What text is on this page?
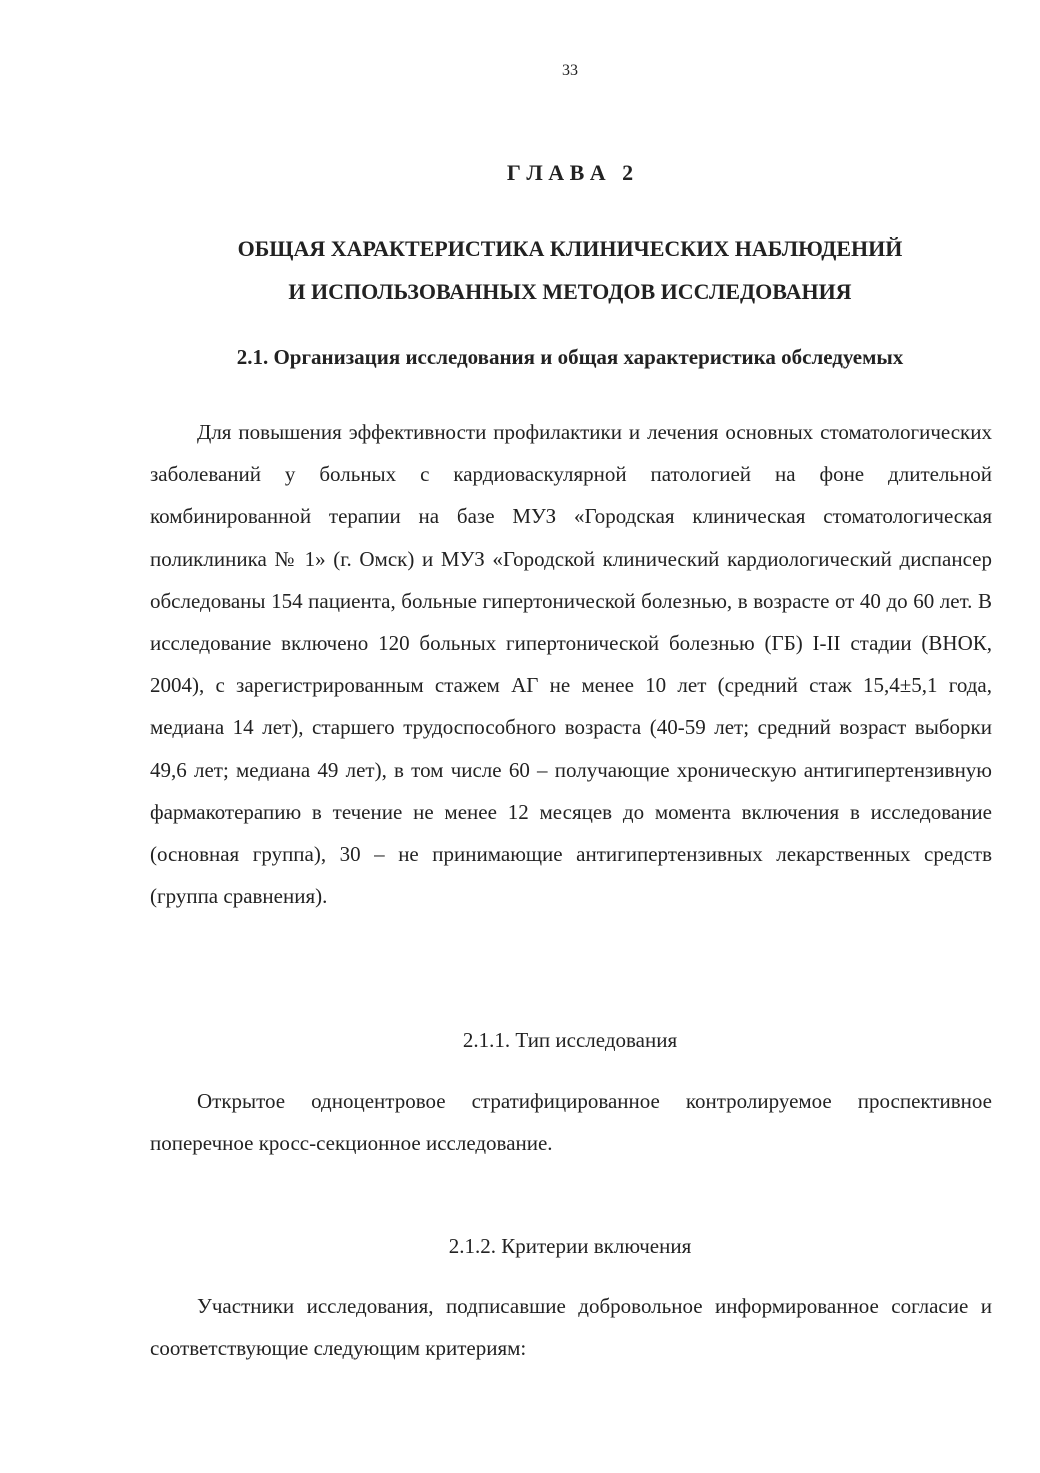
33
Г Л А В А   2
ОБЩАЯ ХАРАКТЕРИСТИКА КЛИНИЧЕСКИХ НАБЛЮДЕНИЙ
И ИСПОЛЬЗОВАННЫХ МЕТОДОВ ИССЛЕДОВАНИЯ
2.1. Организация исследования и общая характеристика обследуемых

Для повышения эффективности профилактики и лечения основных стоматологических заболеваний у больных с кардиоваскулярной патологией на фоне длительной комбинированной терапии на базе МУЗ «Городская клиническая стоматологическая поликлиника № 1» (г. Омск) и МУЗ «Городской клинический кардиологический диспансер обследованы 154 пациента, больные гипертонической болезнью, в возрасте от 40 до 60 лет. В исследование включено 120 больных гипертонической болезнью (ГБ) I-II стадии (ВНОК, 2004), с зарегистрированным стажем АГ не менее 10 лет (средний стаж 15,4±5,1 года, медиана 14 лет), старшего трудоспособного возраста (40-59 лет; средний возраст выборки 49,6 лет; медиана 49 лет), в том числе 60 – получающие хроническую антигипертензивную фармакотерапию в течение не менее 12 месяцев до момента включения в исследование (основная группа), 30 – не принимающие антигипертензивных лекарственных средств (группа сравнения).

2.1.1. Тип исследования

Открытое одноцентровое стратифицированное контролируемое проспективное поперечное кросс-секционное исследование.

2.1.2. Критерии включения

Участники исследования, подписавшие добровольное информированное согласие и соответствующие следующим критериям:
